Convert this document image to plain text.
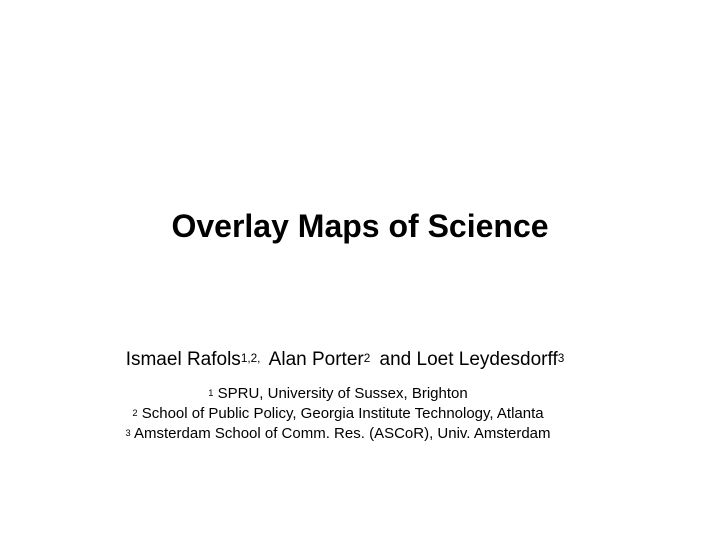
Overlay Maps of Science
Ismael Rafols$^{1,2,}$ Alan Porter$^2$ and Loet Leydesdorff$^3$
$^1$ SPRU, University of Sussex, Brighton
$^2$ School of Public Policy, Georgia Institute Technology, Atlanta
$^3$ Amsterdam School of Comm. Res. (ASCoR), Univ. Amsterdam
